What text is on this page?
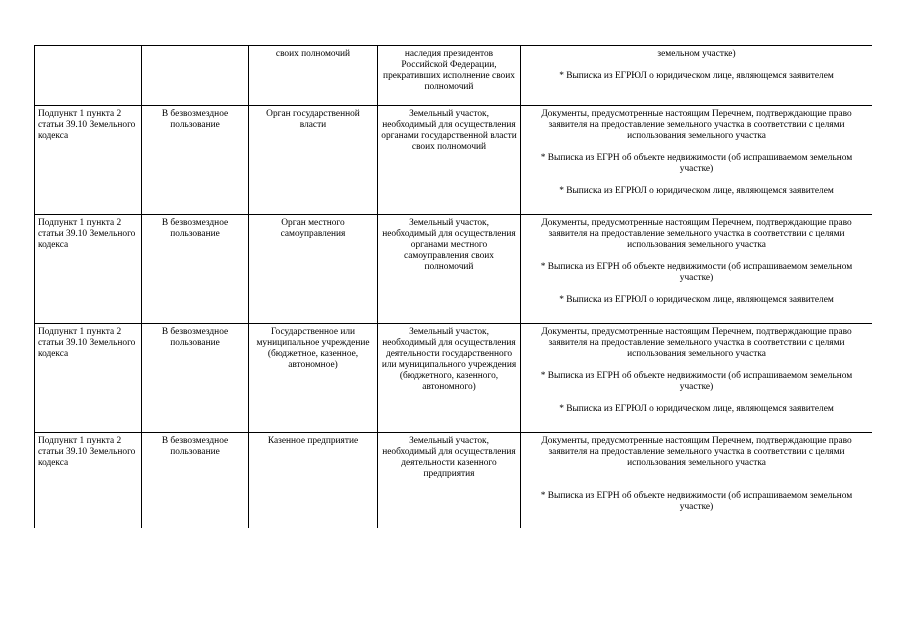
		своих полномочий	наследия президентов Российской Федерации, прекративших исполнение своих полномочий	земельном участке)

* Выписка из ЕГРЮЛ о юридическом лице, являющемся заявителем

Подпункт 1 пункта 2 статьи 39.10 Земельного кодекса	В безвозмездное пользование	Орган государственной власти	Земельный участок, необходимый для осуществления органами государственной власти своих полномочий	Документы, предусмотренные настоящим Перечнем, подтверждающие право заявителя на предоставление земельного участка в соответствии с целями использования земельного участка

* Выписка из ЕГРН об объекте недвижимости (об испрашиваемом земельном участке)

* Выписка из ЕГРЮЛ о юридическом лице, являющемся заявителем

Подпункт 1 пункта 2 статьи 39.10 Земельного кодекса	В безвозмездное пользование	Орган местного самоуправления	Земельный участок, необходимый для осуществления органами местного самоуправления своих полномочий	Документы, предусмотренные настоящим Перечнем, подтверждающие право заявителя на предоставление земельного участка в соответствии с целями использования земельного участка

* Выписка из ЕГРН об объекте недвижимости (об испрашиваемом земельном участке)

* Выписка из ЕГРЮЛ о юридическом лице, являющемся заявителем

Подпункт 1 пункта 2 статьи 39.10 Земельного кодекса	В безвозмездное пользование	Государственное или муниципальное учреждение (бюджетное, казенное, автономное)	Земельный участок, необходимый для осуществления деятельности государственного или муниципального учреждения (бюджетного, казенного, автономного)	Документы, предусмотренные настоящим Перечнем, подтверждающие право заявителя на предоставление земельного участка в соответствии с целями использования земельного участка

* Выписка из ЕГРН об объекте недвижимости (об испрашиваемом земельном участке)

* Выписка из ЕГРЮЛ о юридическом лице, являющемся заявителем

Подпункт 1 пункта 2 статьи 39.10 Земельного кодекса	В безвозмездное пользование	Казенное предприятие	Земельный участок, необходимый для осуществления деятельности казенного предприятия	Документы, предусмотренные настоящим Перечнем, подтверждающие право заявителя на предоставление земельного участка в соответствии с целями использования земельного участка

* Выписка из ЕГРН об объекте недвижимости (об испрашиваемом земельном участке)
